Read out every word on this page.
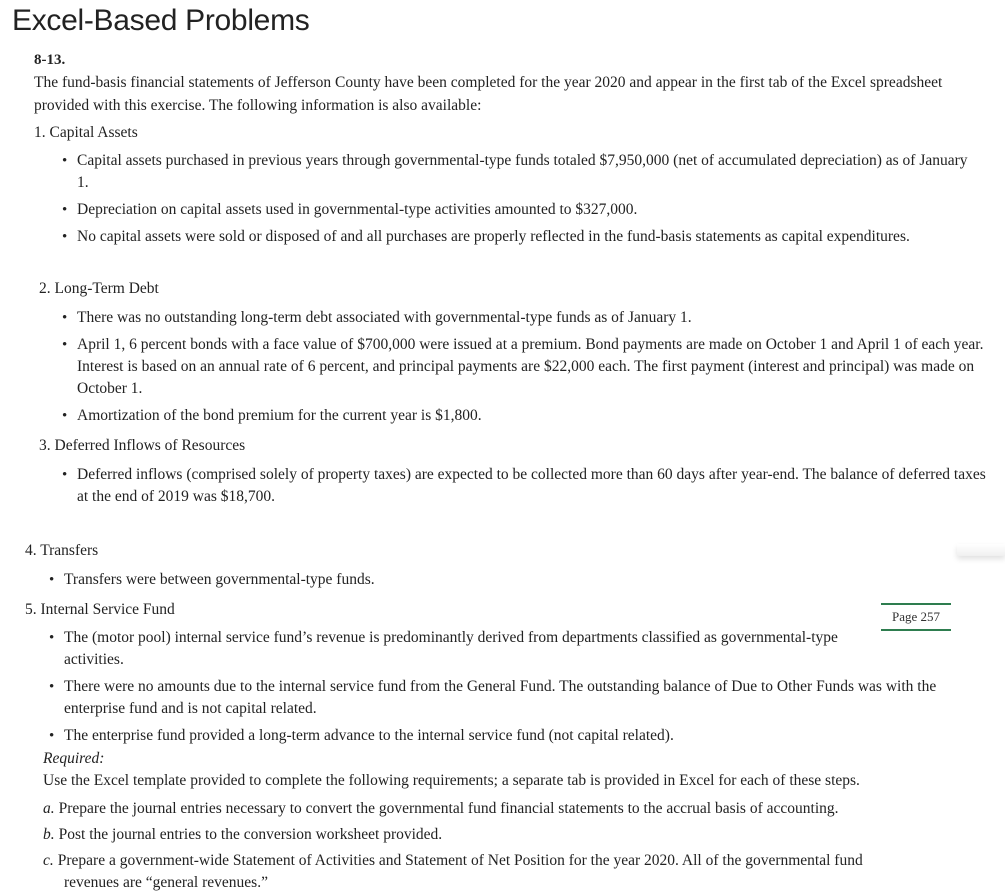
Excel-Based Problems
8-13.
The fund-basis financial statements of Jefferson County have been completed for the year 2020 and appear in the first tab of the Excel spreadsheet provided with this exercise. The following information is also available:
1. Capital Assets
• Capital assets purchased in previous years through governmental-type funds totaled $7,950,000 (net of accumulated depreciation) as of January 1.
• Depreciation on capital assets used in governmental-type activities amounted to $327,000.
• No capital assets were sold or disposed of and all purchases are properly reflected in the fund-basis statements as capital expenditures.
2. Long-Term Debt
• There was no outstanding long-term debt associated with governmental-type funds as of January 1.
• April 1, 6 percent bonds with a face value of $700,000 were issued at a premium. Bond payments are made on October 1 and April 1 of each year. Interest is based on an annual rate of 6 percent, and principal payments are $22,000 each. The first payment (interest and principal) was made on October 1.
• Amortization of the bond premium for the current year is $1,800.
3. Deferred Inflows of Resources
• Deferred inflows (comprised solely of property taxes) are expected to be collected more than 60 days after year-end. The balance of deferred taxes at the end of 2019 was $18,700.
4. Transfers
• Transfers were between governmental-type funds.
5. Internal Service Fund	Page 257
• The (motor pool) internal service fund’s revenue is predominantly derived from departments classified as governmental-type activities.
• There were no amounts due to the internal service fund from the General Fund. The outstanding balance of Due to Other Funds was with the enterprise fund and is not capital related.
• The enterprise fund provided a long-term advance to the internal service fund (not capital related).
Required:
Use the Excel template provided to complete the following requirements; a separate tab is provided in Excel for each of these steps.
a. Prepare the journal entries necessary to convert the governmental fund financial statements to the accrual basis of accounting.
b. Post the journal entries to the conversion worksheet provided.
c. Prepare a government-wide Statement of Activities and Statement of Net Position for the year 2020. All of the governmental fund
revenues are “general revenues.”
